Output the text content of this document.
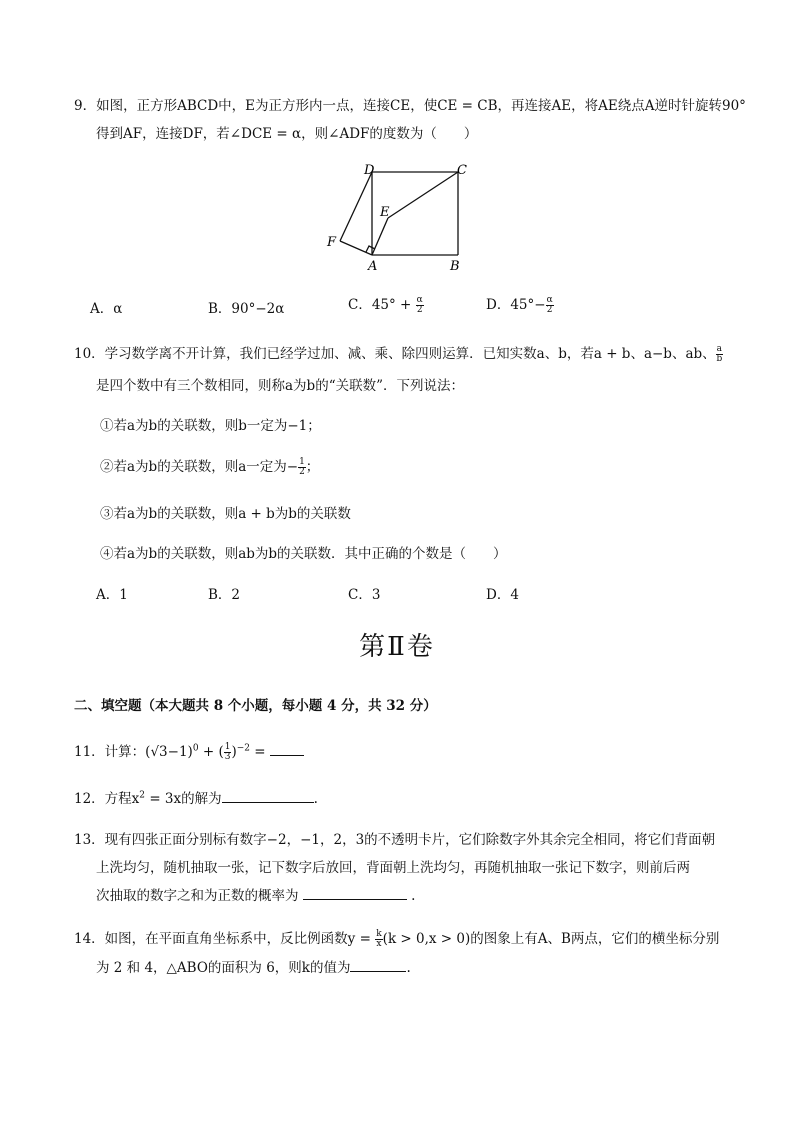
9．如图，正方形ABCD中，E为正方形内一点，连接CE，使CE = CB，再连接AE，将AE绕点A逆时针旋转90°
得到AF，连接DF，若∠DCE = α，则∠ADF的度数为（　　）
D	C
E
F
A	B
A．α	B．90°−2α	C．$45^\circ + \frac{\alpha}{2}$	D．$45^\circ- \frac{\alpha}{2}$
10．学习数学离不开计算，我们已经学过加、减、乘、除四则运算．已知实数a、b，若a + b、a−b、ab、 $\frac{a}{b}$
是四个数中有三个数相同，则称a为b的“关联数”．下列说法：
①若a为b的关联数，则b一定为−1；
②若a为b的关联数，则a一定为− $\frac{1}{2}$ ；
③若a为b的关联数，则a + b为b的关联数
④若a为b的关联数，则ab为b的关联数．其中正确的个数是（　　）
A．1	B．2	C．3	D．4
第Ⅱ卷
二、填空题（本大题共 8 个小题，每小题 4 分，共 32 分）
11．计算：$(√3-1)^0$ + ( $\frac{1}{3} )^{-2}$ =
12．方程$x^2 = 3x$的解为	.
13．现有四张正面分别标有数字−2，−1，2，3的不透明卡片，它们除数字外其余完全相同，将它们背面朝
上洗均匀，随机抽取一张，记下数字后放回，背面朝上洗均匀，再随机抽取一张记下数字，则前后两
次抽取的数字之和为正数的概率为	.
14．如图，在平面直角坐标系中，反比例函数$y = \frac{k}{x} (k > 0,x > 0)$的图象上有A、B两点，它们的横坐标分别
为 2 和 4，△ABO的面积为 6，则k的值为	.
